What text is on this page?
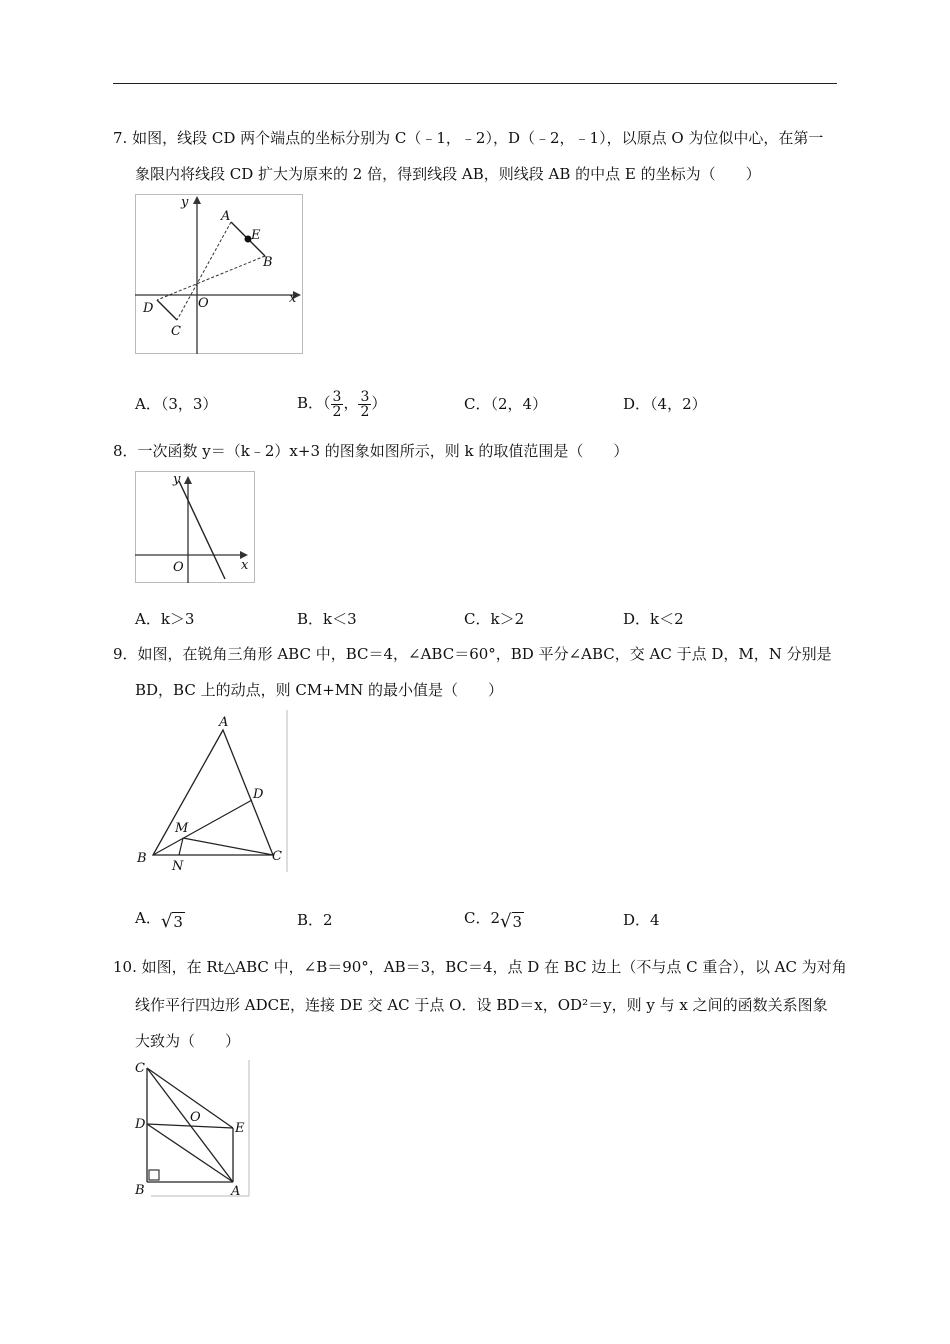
7. 如图，线段 CD 两个端点的坐标分别为 C（﹣1，﹣2），D（﹣2，﹣1），以原点 O 为位似中心，在第一
象限内将线段 CD 扩大为原来的 2 倍，得到线段 AB，则线段 AB 的中点 E 的坐标为（　　）
y
x
O
A
E
B
D
C
A．（3，3）	B．（ $\frac{3}{2}$ ， $\frac{3}{2}$ ）	C．（2，4）	D．（4，2）
8．一次函数 y＝（k﹣2）x+3 的图象如图所示，则 k 的取值范围是（　　）
y
x
O
A．k＞3	B．k＜3	C．k＞2	D．k＜2
9．如图，在锐角三角形 ABC 中，BC＝4，∠ABC＝60°，BD 平分∠ABC，交 AC 于点 D，M，N 分别是
BD，BC 上的动点，则 CM+MN 的最小值是（　　）
A
D
M
B
N
C
A．√3	B．2	C．2√3	D．4
10. 如图，在 Rt△ABC 中，∠B＝90°，AB＝3，BC＝4，点 D 在 BC 边上（不与点 C 重合），以 AC 为对角
线作平行四边形 ADCE，连接 DE 交 AC 于点 O．设 BD＝x，OD²＝y，则 y 与 x 之间的函数关系图象
大致为（　　）
C
D	O
E
B	A
